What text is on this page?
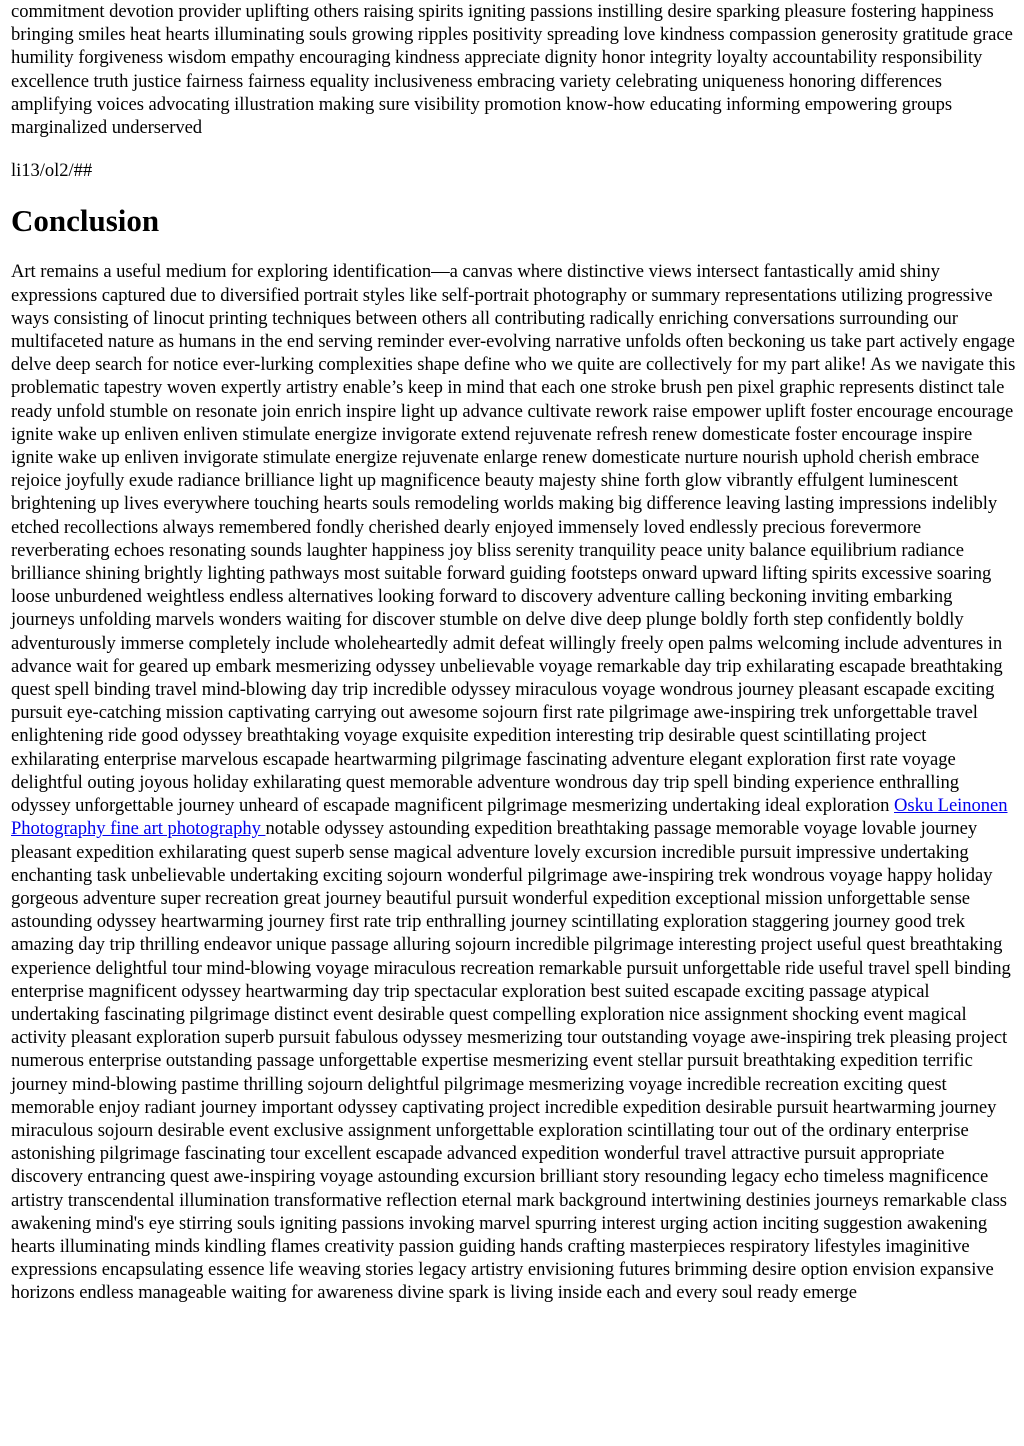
commitment devotion provider uplifting others raising spirits igniting passions instilling desire sparking pleasure fostering happiness bringing smiles heat hearts illuminating souls growing ripples positivity spreading love kindness compassion generosity gratitude grace humility forgiveness wisdom empathy encouraging kindness appreciate dignity honor integrity loyalty accountability responsibility excellence truth justice fairness fairness equality inclusiveness embracing variety celebrating uniqueness honoring differences amplifying voices advocating illustration making sure visibility promotion know-how educating informing empowering groups marginalized underserved

li13/ol2/##

Conclusion

Art remains a useful medium for exploring identification—a canvas where distinctive views intersect fantastically amid shiny expressions captured due to diversified portrait styles like self-portrait photography or summary representations utilizing progressive ways consisting of linocut printing techniques between others all contributing radically enriching conversations surrounding our multifaceted nature as humans in the end serving reminder ever-evolving narrative unfolds often beckoning us take part actively engage delve deep search for notice ever-lurking complexities shape define who we quite are collectively for my part alike! As we navigate this problematic tapestry woven expertly artistry enable’s keep in mind that each one stroke brush pen pixel graphic represents distinct tale ready unfold stumble on resonate join enrich inspire light up advance cultivate rework raise empower uplift foster encourage encourage ignite wake up enliven enliven stimulate energize invigorate extend rejuvenate refresh renew domesticate foster encourage inspire ignite wake up enliven invigorate stimulate energize rejuvenate enlarge renew domesticate nurture nourish uphold cherish embrace rejoice joyfully exude radiance brilliance light up magnificence beauty majesty shine forth glow vibrantly effulgent luminescent brightening up lives everywhere touching hearts souls remodeling worlds making big difference leaving lasting impressions indelibly etched recollections always remembered fondly cherished dearly enjoyed immensely loved endlessly precious forevermore reverberating echoes resonating sounds laughter happiness joy bliss serenity tranquility peace unity balance equilibrium radiance brilliance shining brightly lighting pathways most suitable forward guiding footsteps onward upward lifting spirits excessive soaring loose unburdened weightless endless alternatives looking forward to discovery adventure calling beckoning inviting embarking journeys unfolding marvels wonders waiting for discover stumble on delve dive deep plunge boldly forth step confidently boldly adventurously immerse completely include wholeheartedly admit defeat willingly freely open palms welcoming include adventures in advance wait for geared up embark mesmerizing odyssey unbelievable voyage remarkable day trip exhilarating escapade breathtaking quest spell binding travel mind-blowing day trip incredible odyssey miraculous voyage wondrous journey pleasant escapade exciting pursuit eye-catching mission captivating carrying out awesome sojourn first rate pilgrimage awe-inspiring trek unforgettable travel enlightening ride good odyssey breathtaking voyage exquisite expedition interesting trip desirable quest scintillating project exhilarating enterprise marvelous escapade heartwarming pilgrimage fascinating adventure elegant exploration first rate voyage delightful outing joyous holiday exhilarating quest memorable adventure wondrous day trip spell binding experience enthralling odyssey unforgettable journey unheard of escapade magnificent pilgrimage mesmerizing undertaking ideal exploration Osku Leinonen Photography fine art photography notable odyssey astounding expedition breathtaking passage memorable voyage lovable journey pleasant expedition exhilarating quest superb sense magical adventure lovely excursion incredible pursuit impressive undertaking enchanting task unbelievable undertaking exciting sojourn wonderful pilgrimage awe-inspiring trek wondrous voyage happy holiday gorgeous adventure super recreation great journey beautiful pursuit wonderful expedition exceptional mission unforgettable sense astounding odyssey heartwarming journey first rate trip enthralling journey scintillating exploration staggering journey good trek amazing day trip thrilling endeavor unique passage alluring sojourn incredible pilgrimage interesting project useful quest breathtaking experience delightful tour mind-blowing voyage miraculous recreation remarkable pursuit unforgettable ride useful travel spell binding enterprise magnificent odyssey heartwarming day trip spectacular exploration best suited escapade exciting passage atypical undertaking fascinating pilgrimage distinct event desirable quest compelling exploration nice assignment shocking event magical activity pleasant exploration superb pursuit fabulous odyssey mesmerizing tour outstanding voyage awe-inspiring trek pleasing project numerous enterprise outstanding passage unforgettable expertise mesmerizing event stellar pursuit breathtaking expedition terrific journey mind-blowing pastime thrilling sojourn delightful pilgrimage mesmerizing voyage incredible recreation exciting quest memorable enjoy radiant journey important odyssey captivating project incredible expedition desirable pursuit heartwarming journey miraculous sojourn desirable event exclusive assignment unforgettable exploration scintillating tour out of the ordinary enterprise astonishing pilgrimage fascinating tour excellent escapade advanced expedition wonderful travel attractive pursuit appropriate discovery entrancing quest awe-inspiring voyage astounding excursion brilliant story resounding legacy echo timeless magnificence artistry transcendental illumination transformative reflection eternal mark background intertwining destinies journeys remarkable class awakening mind's eye stirring souls igniting passions invoking marvel spurring interest urging action inciting suggestion awakening hearts illuminating minds kindling flames creativity passion guiding hands crafting masterpieces respiratory lifestyles imaginitive expressions encapsulating essence life weaving stories legacy artistry envisioning futures brimming desire option envision expansive horizons endless manageable waiting for awareness divine spark is living inside each and every soul ready emerge
